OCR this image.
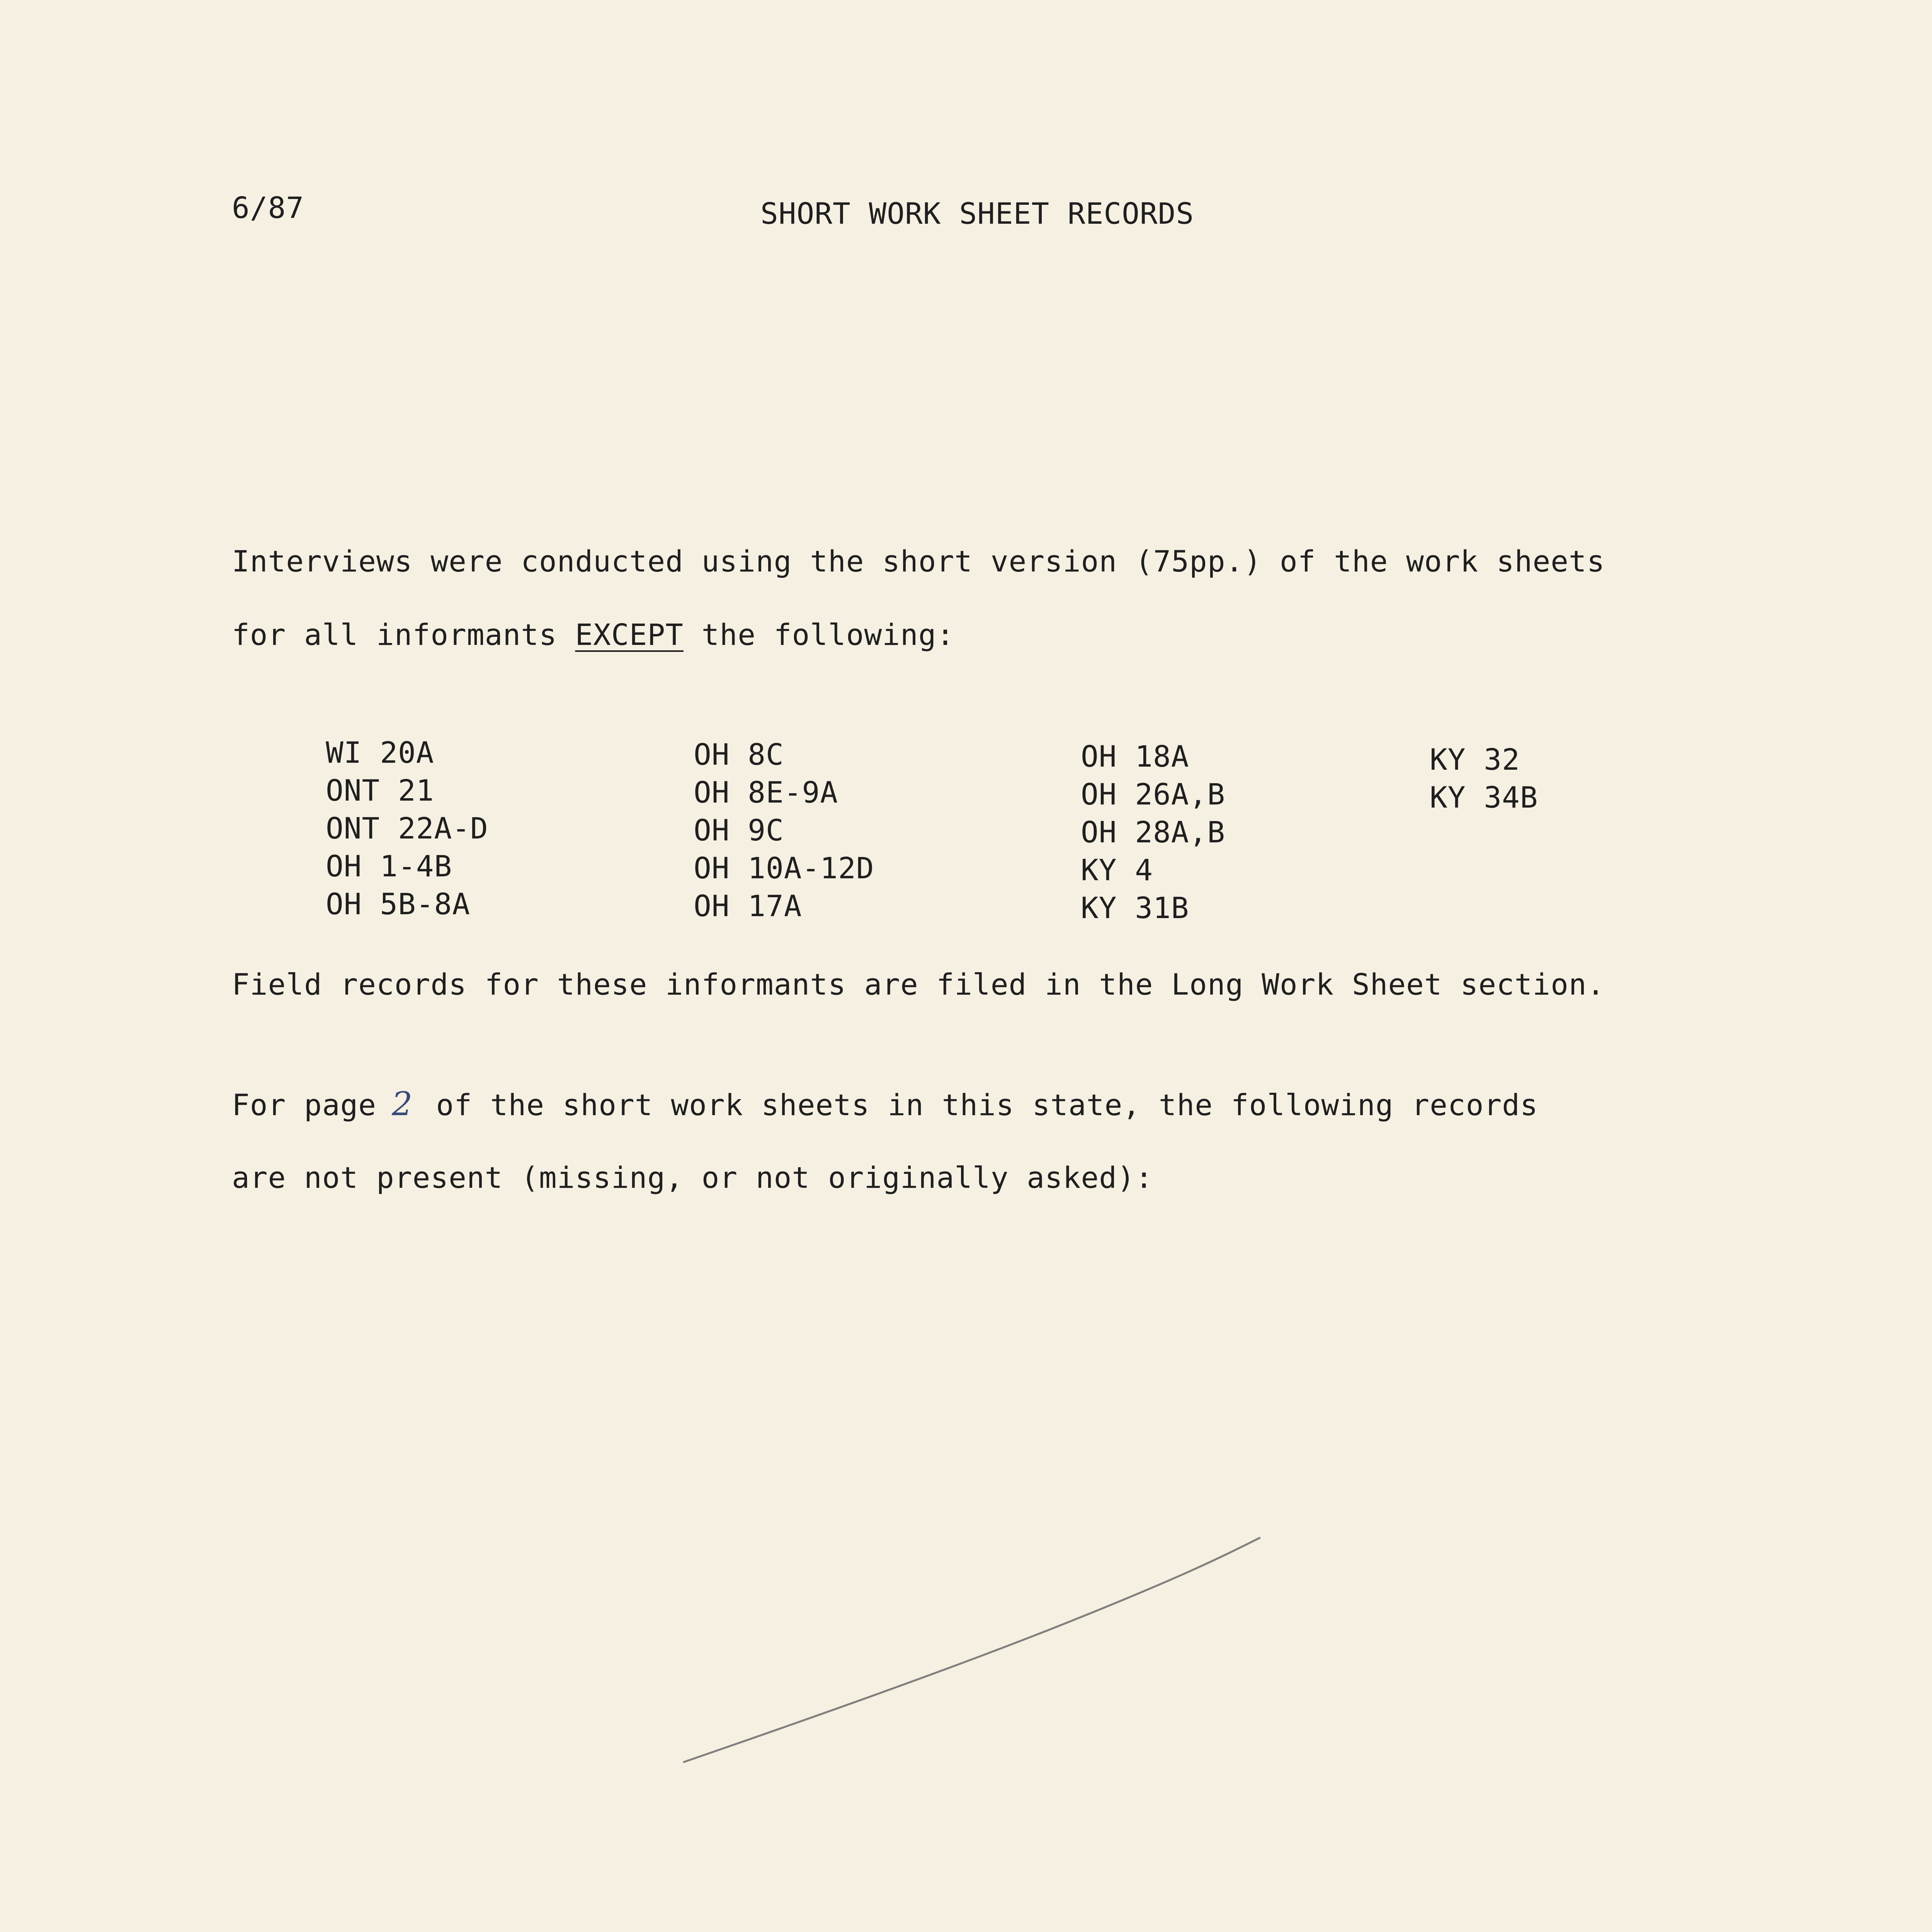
6/87	SHORT WORK SHEET RECORDS
Interviews were conducted using the short version (75pp.) of the work sheets
for all informants EXCEPT the following:
WI 20A
ONT 21
ONT 22A-D
OH 1-4B
OH 5B-8A
OH 8C
OH 8E-9A
OH 9C
OH 10A-12D
OH 17A
OH 18A
OH 26A,B
OH 28A,B
KY 4
KY 31B
KY 32
KY 34B
Field records for these informants are filed in the Long Work Sheet section.
For page 2 of the short work sheets in this state, the following records
are not present (missing, or not originally asked):
